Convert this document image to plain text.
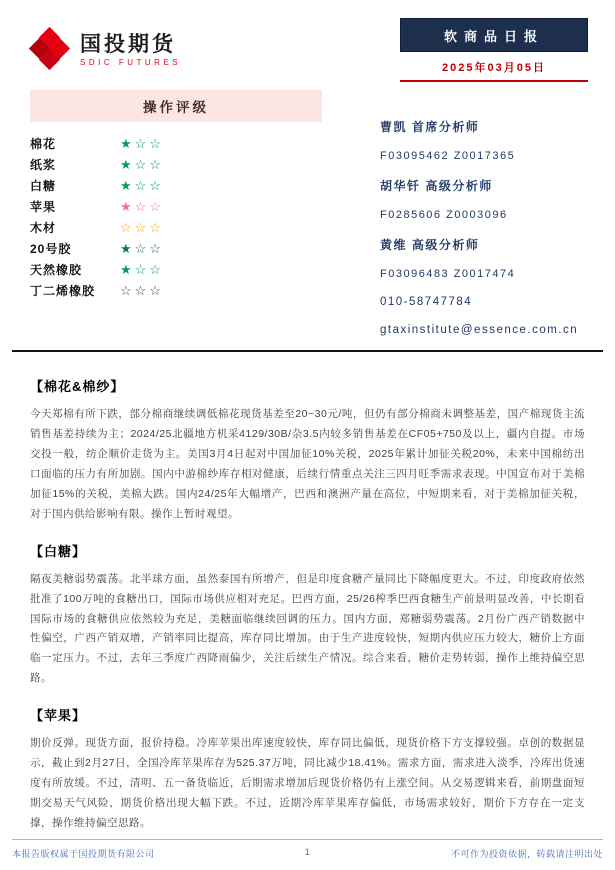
国投期货
SDIC FUTURES
软商品日报
2025年03月05日
操作评级
棉花	★☆☆
纸浆	★☆☆
白糖	★☆☆
苹果	★☆☆
木材	☆☆☆
20号胶	★☆☆
天然橡胶	★☆☆
丁二烯橡胶	☆☆☆
曹凯 首席分析师
F03095462 Z0017365
胡华钎 高级分析师
F0285606 Z0003096
黄维 高级分析师
F03096483 Z0017474
010-58747784
gtaxinstitute@essence.com.cn
【棉花&棉纱】
今天郑棉有所下跌，部分棉商继续调低棉花现货基差至20~30元/吨，但仍有部分棉商未调整基差，国产棉现货主流销售基差持续为主；2024/25北疆地方机采4129/30B/杂3.5内较多销售基差在CF05+750及以上，疆内自提。市场交投一般，纺企顺价走货为主。美国3月4日起对中国加征10%关税，2025年累计加征关税20%，未来中国棉纺出口面临的压力有所加剧。国内中游棉纱库存相对健康，后续行情重点关注三四月旺季需求表现。中国宣布对于美棉加征15%的关税，美棉大跌。国内24/25年大幅增产，巴西和澳洲产量在高位，中短期来看，对于美棉加征关税，对于国内供给影响有限。操作上暂时观望。
【白糖】
隔夜美糖弱势震荡。北半球方面，虽然泰国有所增产，但是印度食糖产量同比下降幅度更大。不过，印度政府依然批准了100万吨的食糖出口，国际市场供应相对充足。巴西方面，25/26榨季巴西食糖生产前景明显改善，中长期看国际市场的食糖供应依然较为充足，美糖面临继续回调的压力。国内方面，郑糖弱势震荡。2月份广西产销数据中性偏空，广西产销双增，产销率同比提高，库存同比增加。由于生产进度较快，短期内供应压力较大，糖价上方面临一定压力。不过，去年三季度广西降雨偏少，关注后续生产情况。综合来看，糖价走势转弱，操作上维持偏空思路。
【苹果】
期价反弹。现货方面，报价持稳。冷库苹果出库速度较快，库存同比偏低，现货价格下方支撑较强。卓创的数据显示，截止到2月27日，全国冷库苹果库存为525.37万吨，同比减少18.41%。需求方面，需求进入淡季，冷库出货速度有所放缓。不过，清明、五一备货临近，后期需求增加后现货价格仍有上涨空间。从交易逻辑来看，前期盘面短期交易天气风险，期货价格出现大幅下跌。不过，近期冷库苹果库存偏低，市场需求较好，期价下方存在一定支撑，操作维持偏空思路。
本报告版权属于国投期货有限公司	1	不可作为投资依据，转载请注明出处
